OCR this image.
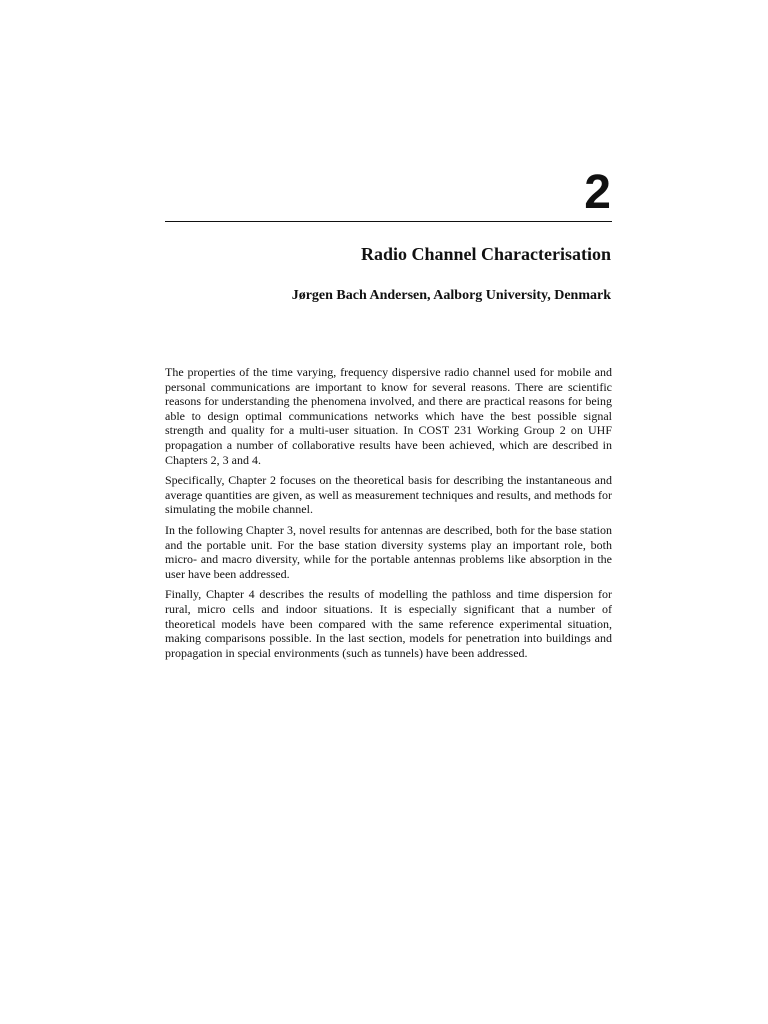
2
Radio Channel Characterisation
Jørgen Bach Andersen, Aalborg University, Denmark

The properties of the time varying, frequency dispersive radio channel used for mobile and personal communications are important to know for several reasons. There are scientific reasons for understanding the phenomena involved, and there are practical reasons for being able to design optimal communications networks which have the best possible signal strength and quality for a multi-user situation. In COST 231 Working Group 2 on UHF propagation a number of collaborative results have been achieved, which are described in Chapters 2, 3 and 4.

Specifically, Chapter 2 focuses on the theoretical basis for describing the instantaneous and average quantities are given, as well as measurement techniques and results, and methods for simulating the mobile channel.

In the following Chapter 3, novel results for antennas are described, both for the base station and the portable unit. For the base station diversity systems play an important role, both micro- and macro diversity, while for the portable antennas problems like absorption in the user have been addressed.

Finally, Chapter 4 describes the results of modelling the pathloss and time dispersion for rural, micro cells and indoor situations. It is especially significant that a number of theoretical models have been compared with the same reference experimental situation, making comparisons possible. In the last section, models for penetration into buildings and propagation in special environments (such as tunnels) have been addressed.
